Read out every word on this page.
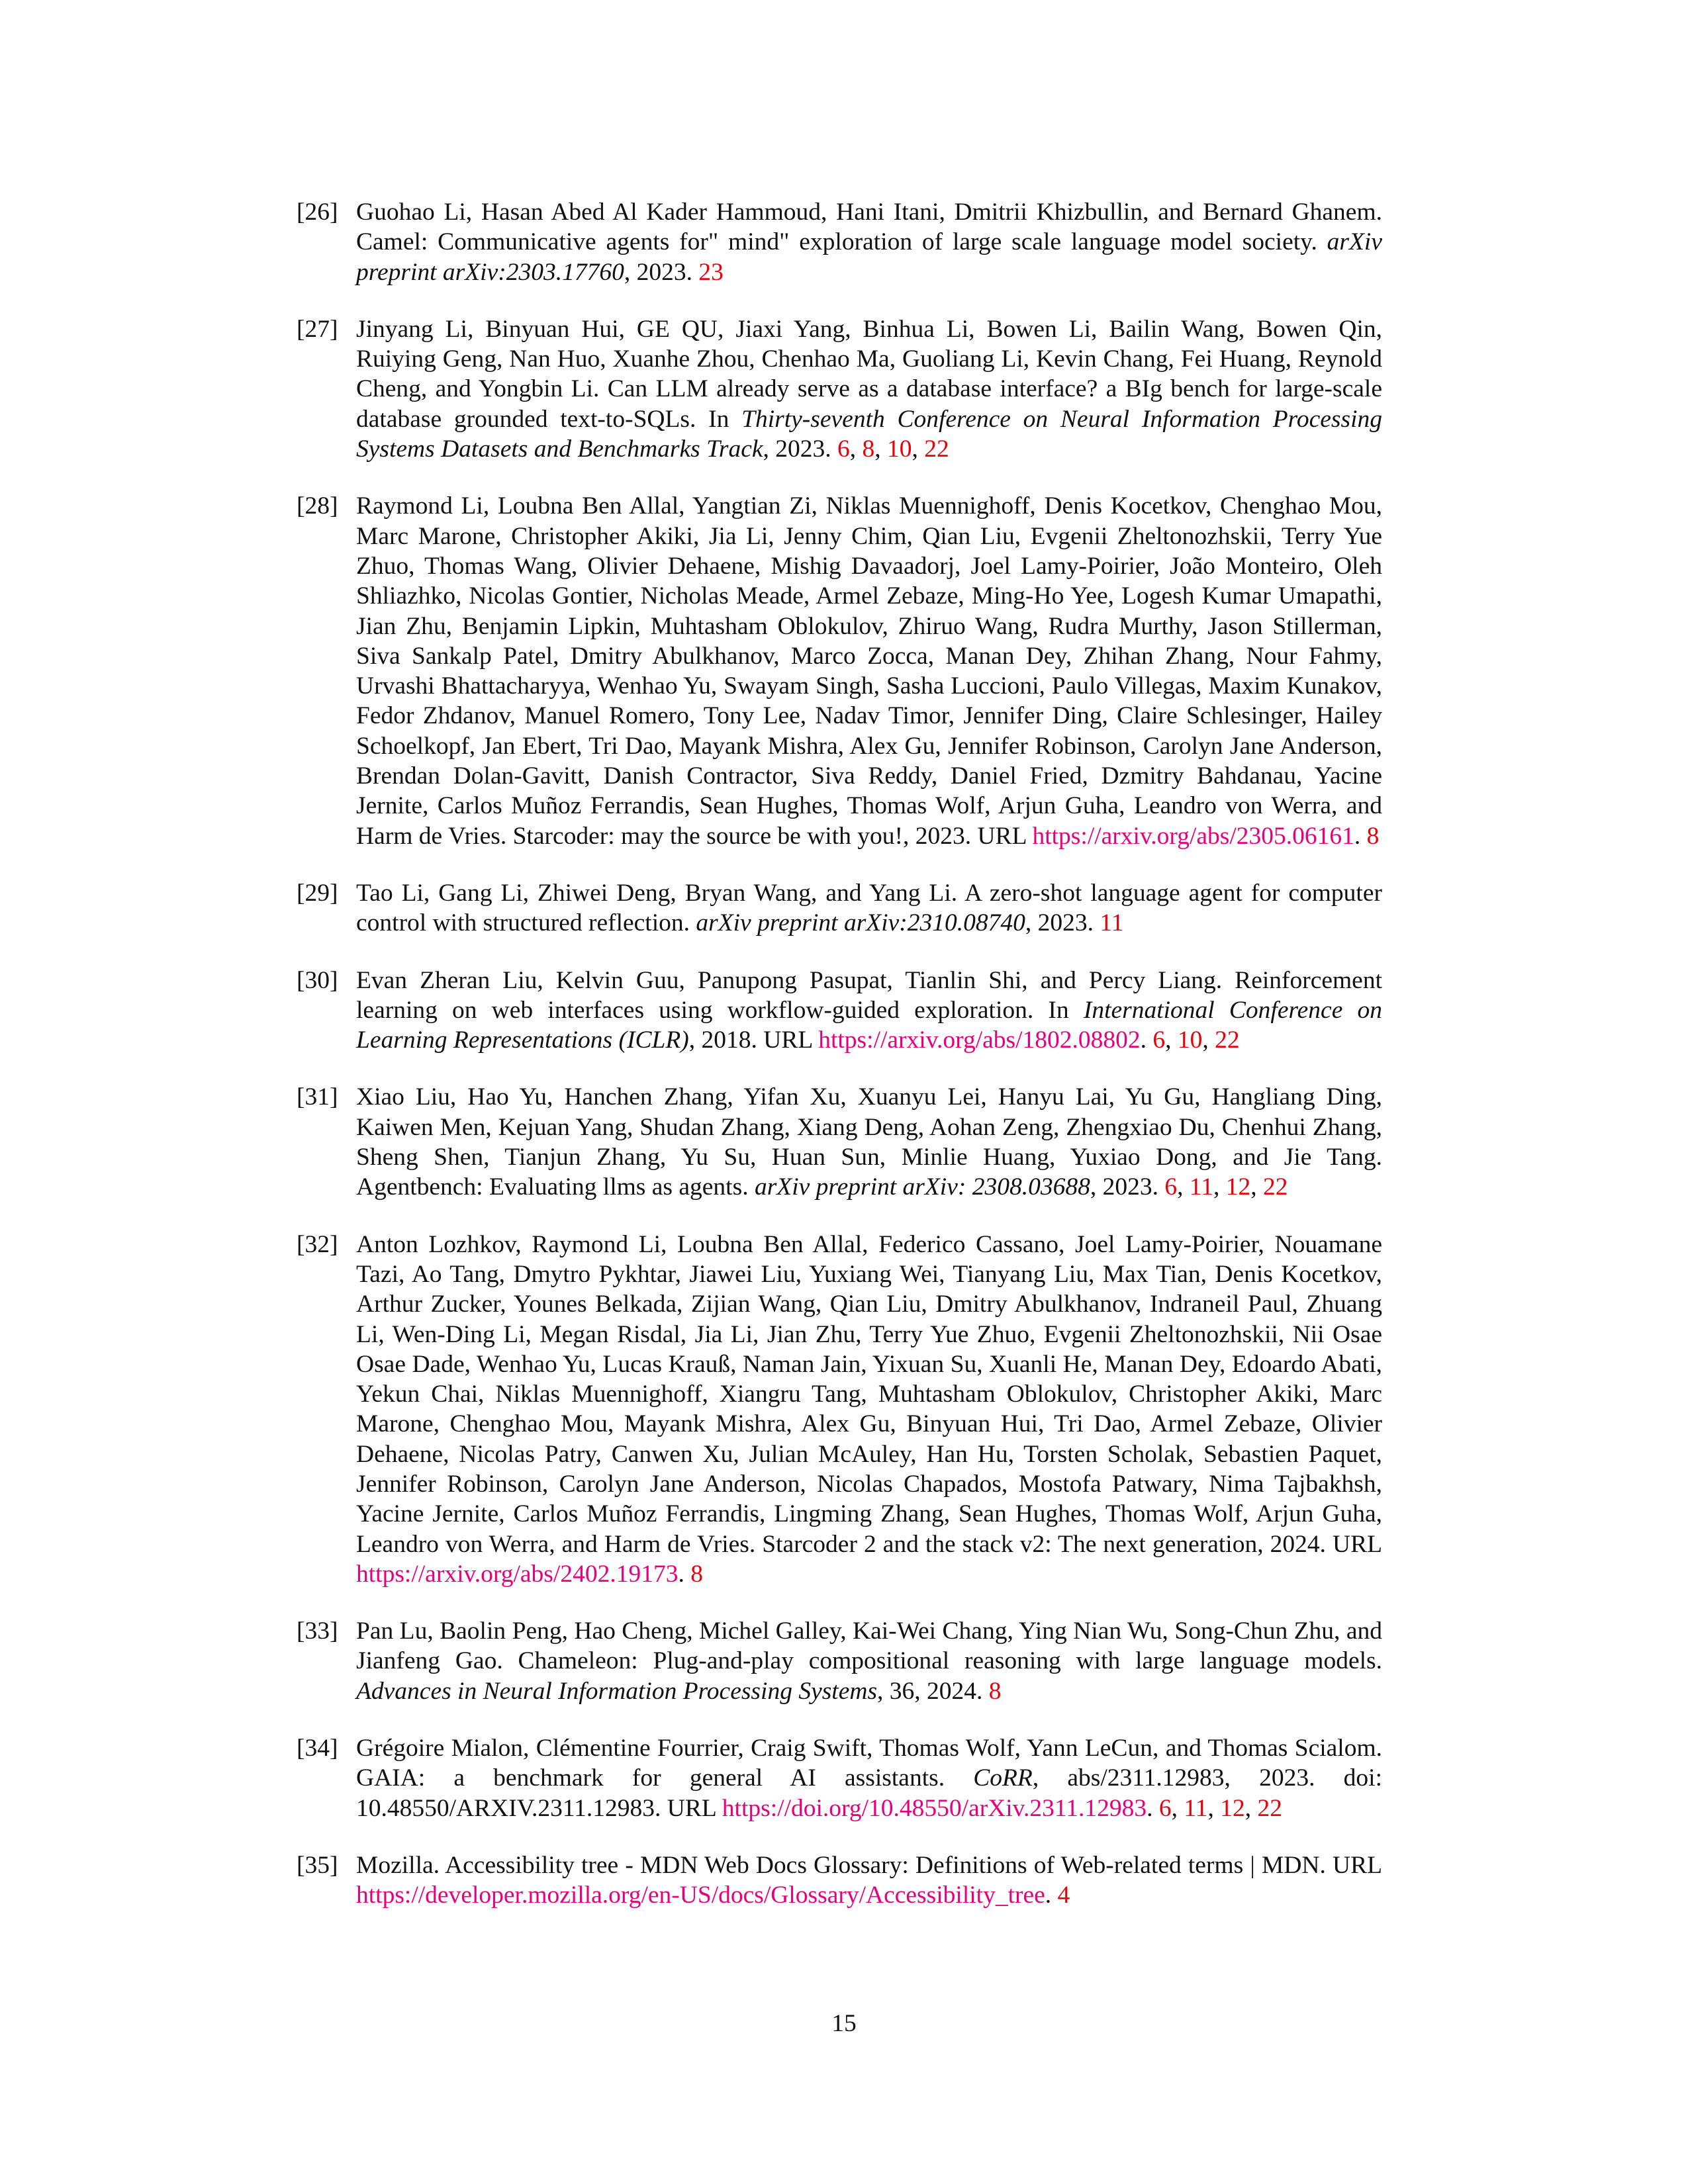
[26] Guohao Li, Hasan Abed Al Kader Hammoud, Hani Itani, Dmitrii Khizbullin, and Bernard Ghanem. Camel: Communicative agents for" mind" exploration of large scale language model society. arXiv preprint arXiv:2303.17760, 2023. 23
[27] Jinyang Li, Binyuan Hui, GE QU, Jiaxi Yang, Binhua Li, Bowen Li, Bailin Wang, Bowen Qin, Ruiying Geng, Nan Huo, Xuanhe Zhou, Chenhao Ma, Guoliang Li, Kevin Chang, Fei Huang, Reynold Cheng, and Yongbin Li. Can LLM already serve as a database interface? a BIg bench for large-scale database grounded text-to-SQLs. In Thirty-seventh Conference on Neural Information Processing Systems Datasets and Benchmarks Track, 2023. 6, 8, 10, 22
[28] Raymond Li, Loubna Ben Allal, Yangtian Zi, Niklas Muennighoff, Denis Kocetkov, Chenghao Mou, Marc Marone, Christopher Akiki, Jia Li, Jenny Chim, Qian Liu, Evgenii Zheltonozhskii, Terry Yue Zhuo, Thomas Wang, Olivier Dehaene, Mishig Davaadorj, Joel Lamy-Poirier, João Monteiro, Oleh Shliazhko, Nicolas Gontier, Nicholas Meade, Armel Zebaze, Ming-Ho Yee, Logesh Kumar Umapathi, Jian Zhu, Benjamin Lipkin, Muhtasham Oblokulov, Zhiruo Wang, Rudra Murthy, Jason Stillerman, Siva Sankalp Patel, Dmitry Abulkhanov, Marco Zocca, Manan Dey, Zhihan Zhang, Nour Fahmy, Urvashi Bhattacharyya, Wenhao Yu, Swayam Singh, Sasha Luccioni, Paulo Villegas, Maxim Kunakov, Fedor Zhdanov, Manuel Romero, Tony Lee, Nadav Timor, Jennifer Ding, Claire Schlesinger, Hailey Schoelkopf, Jan Ebert, Tri Dao, Mayank Mishra, Alex Gu, Jennifer Robinson, Carolyn Jane Anderson, Brendan Dolan-Gavitt, Danish Contractor, Siva Reddy, Daniel Fried, Dzmitry Bahdanau, Yacine Jernite, Carlos Muñoz Ferrandis, Sean Hughes, Thomas Wolf, Arjun Guha, Leandro von Werra, and Harm de Vries. Starcoder: may the source be with you!, 2023. URL https://arxiv.org/abs/2305.06161. 8
[29] Tao Li, Gang Li, Zhiwei Deng, Bryan Wang, and Yang Li. A zero-shot language agent for computer control with structured reflection. arXiv preprint arXiv:2310.08740, 2023. 11
[30] Evan Zheran Liu, Kelvin Guu, Panupong Pasupat, Tianlin Shi, and Percy Liang. Reinforcement learning on web interfaces using workflow-guided exploration. In International Conference on Learning Representations (ICLR), 2018. URL https://arxiv.org/abs/1802.08802. 6, 10, 22
[31] Xiao Liu, Hao Yu, Hanchen Zhang, Yifan Xu, Xuanyu Lei, Hanyu Lai, Yu Gu, Hangliang Ding, Kaiwen Men, Kejuan Yang, Shudan Zhang, Xiang Deng, Aohan Zeng, Zhengxiao Du, Chenhui Zhang, Sheng Shen, Tianjun Zhang, Yu Su, Huan Sun, Minlie Huang, Yuxiao Dong, and Jie Tang. Agentbench: Evaluating llms as agents. arXiv preprint arXiv: 2308.03688, 2023. 6, 11, 12, 22
[32] Anton Lozhkov, Raymond Li, Loubna Ben Allal, Federico Cassano, Joel Lamy-Poirier, Nouamane Tazi, Ao Tang, Dmytro Pykhtar, Jiawei Liu, Yuxiang Wei, Tianyang Liu, Max Tian, Denis Kocetkov, Arthur Zucker, Younes Belkada, Zijian Wang, Qian Liu, Dmitry Abulkhanov, Indraneil Paul, Zhuang Li, Wen-Ding Li, Megan Risdal, Jia Li, Jian Zhu, Terry Yue Zhuo, Evgenii Zheltonozhskii, Nii Osae Osae Dade, Wenhao Yu, Lucas Krauß, Naman Jain, Yixuan Su, Xuanli He, Manan Dey, Edoardo Abati, Yekun Chai, Niklas Muennighoff, Xiangru Tang, Muhtasham Oblokulov, Christopher Akiki, Marc Marone, Chenghao Mou, Mayank Mishra, Alex Gu, Binyuan Hui, Tri Dao, Armel Zebaze, Olivier Dehaene, Nicolas Patry, Canwen Xu, Julian McAuley, Han Hu, Torsten Scholak, Sebastien Paquet, Jennifer Robinson, Carolyn Jane Anderson, Nicolas Chapados, Mostofa Patwary, Nima Tajbakhsh, Yacine Jernite, Carlos Muñoz Ferrandis, Lingming Zhang, Sean Hughes, Thomas Wolf, Arjun Guha, Leandro von Werra, and Harm de Vries. Starcoder 2 and the stack v2: The next generation, 2024. URL https://arxiv.org/abs/2402.19173. 8
[33] Pan Lu, Baolin Peng, Hao Cheng, Michel Galley, Kai-Wei Chang, Ying Nian Wu, Song-Chun Zhu, and Jianfeng Gao. Chameleon: Plug-and-play compositional reasoning with large language models. Advances in Neural Information Processing Systems, 36, 2024. 8
[34] Grégoire Mialon, Clémentine Fourrier, Craig Swift, Thomas Wolf, Yann LeCun, and Thomas Scialom. GAIA: a benchmark for general AI assistants. CoRR, abs/2311.12983, 2023. doi: 10.48550/ARXIV.2311.12983. URL https://doi.org/10.48550/arXiv.2311.12983. 6, 11, 12, 22
[35] Mozilla. Accessibility tree - MDN Web Docs Glossary: Definitions of Web-related terms | MDN. URL https://developer.mozilla.org/en-US/docs/Glossary/Accessibility_tree. 4
15
